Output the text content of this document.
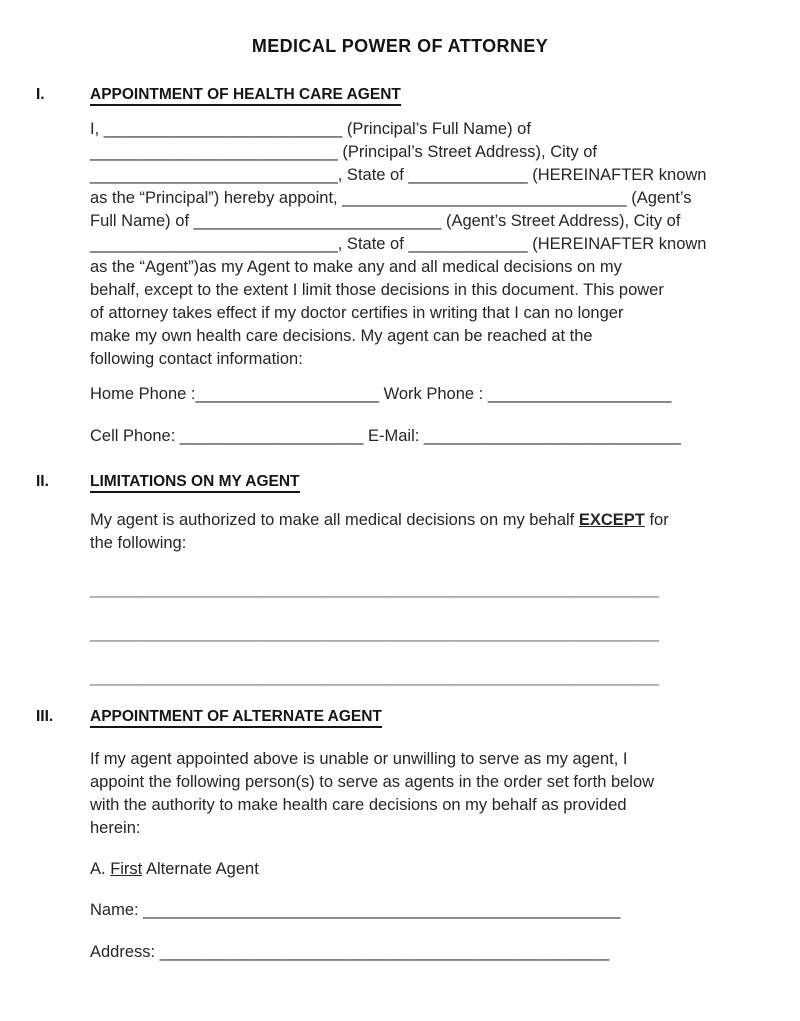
MEDICAL POWER OF ATTORNEY
I.	APPOINTMENT OF HEALTH CARE AGENT
I, __________________________ (Principal’s Full Name) of
___________________________ (Principal’s Street Address), City of
___________________________, State of _____________ (HEREINAFTER known
as the “Principal”) hereby appoint, _______________________________ (Agent’s
Full Name) of ___________________________ (Agent’s Street Address), City of
___________________________, State of _____________ (HEREINAFTER known
as the “Agent”)as my Agent to make any and all medical decisions on my
behalf, except to the extent I limit those decisions in this document. This power
of attorney takes effect if my doctor certifies in writing that I can no longer
make my own health care decisions. My agent can be reached at the
following contact information:
Home Phone :____________________ Work Phone : ____________________
Cell Phone: ____________________ E-Mail: ____________________________
II.	LIMITATIONS ON MY AGENT
My agent is authorized to make all medical decisions on my behalf EXCEPT for
the following:
______________________________________________________________
______________________________________________________________
______________________________________________________________
III. APPOINTMENT OF ALTERNATE AGENT
If my agent appointed above is unable or unwilling to serve as my agent, I
appoint the following person(s) to serve as agents in the order set forth below
with the authority to make health care decisions on my behalf as provided
herein:
A. First Alternate Agent
Name: ____________________________________________________
Address: _________________________________________________
